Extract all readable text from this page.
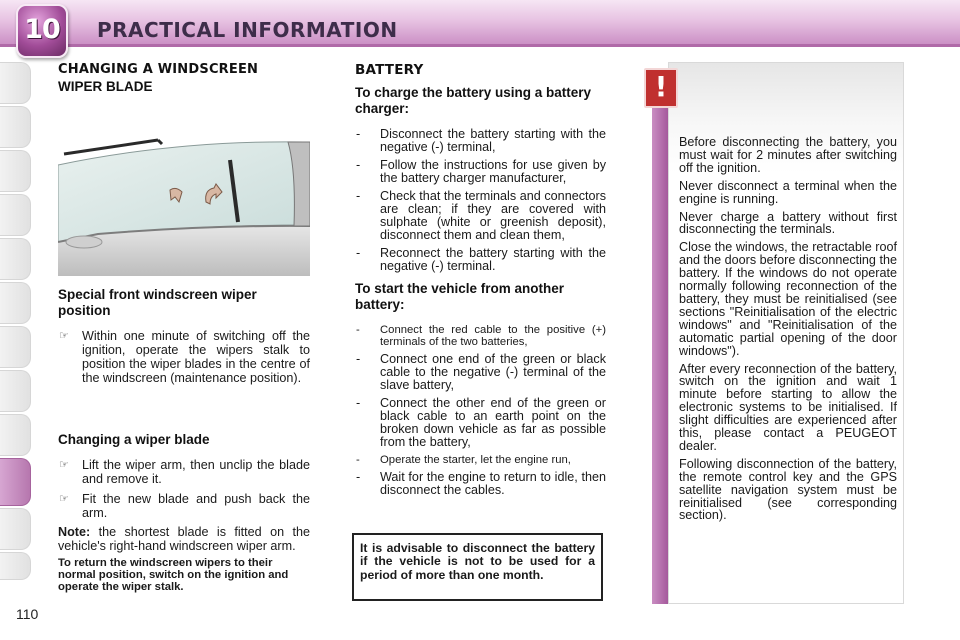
10	PRACTICAL INFORMATION
110
CHANGING A WINDSCREEN
WIPER BLADE
Special front windscreen wiper position

☞ Within one minute of switching off the ignition, operate the wipers stalk to position the wiper blades in the centre of the windscreen (maintenance position).

Changing a wiper blade

☞ Lift the wiper arm, then unclip the blade and remove it.

☞ Fit the new blade and push back the arm.

Note: the shortest blade is fitted on the vehicle's right-hand windscreen wiper arm.

To return the windscreen wipers to their normal position, switch on the ignition and operate the wiper stalk.

BATTERY
To charge the battery using a battery charger:

- Disconnect the battery starting with the negative (-) terminal,

- Follow the instructions for use given by the battery charger manufacturer,

- Check that the terminals and connectors are clean; if they are covered with sulphate (white or greenish deposit), disconnect them and clean them,

- Reconnect the battery starting with the negative (-) terminal.

To start the vehicle from another battery:

- Connect the red cable to the positive (+) terminals of the two batteries,

- Connect one end of the green or black cable to the negative (-) terminal of the slave battery,

- Connect the other end of the green or black cable to an earth point on the broken down vehicle as far as possible from the battery,

- Operate the starter, let the engine run,

- Wait for the engine to return to idle, then disconnect the cables.

It is advisable to disconnect the battery if the vehicle is not to be used for a period of more than one month.

Before disconnecting the battery, you must wait for 2 minutes after switching off the ignition.

Never disconnect a terminal when the engine is running.

Never charge a battery without first disconnecting the terminals.

Close the windows, the retractable roof and the doors before disconnecting the battery. If the windows do not operate normally following reconnection of the battery, they must be reinitialised (see sections "Reinitialisation of the electric windows" and "Reinitialisation of the automatic partial opening of the door windows").

After every reconnection of the battery, switch on the ignition and wait 1 minute before starting to allow the electronic systems to be initialised. If slight difficulties are experienced after this, please contact a PEUGEOT dealer.

Following disconnection of the battery, the remote control key and the GPS satellite navigation system must be reinitialised (see corresponding section).

!
